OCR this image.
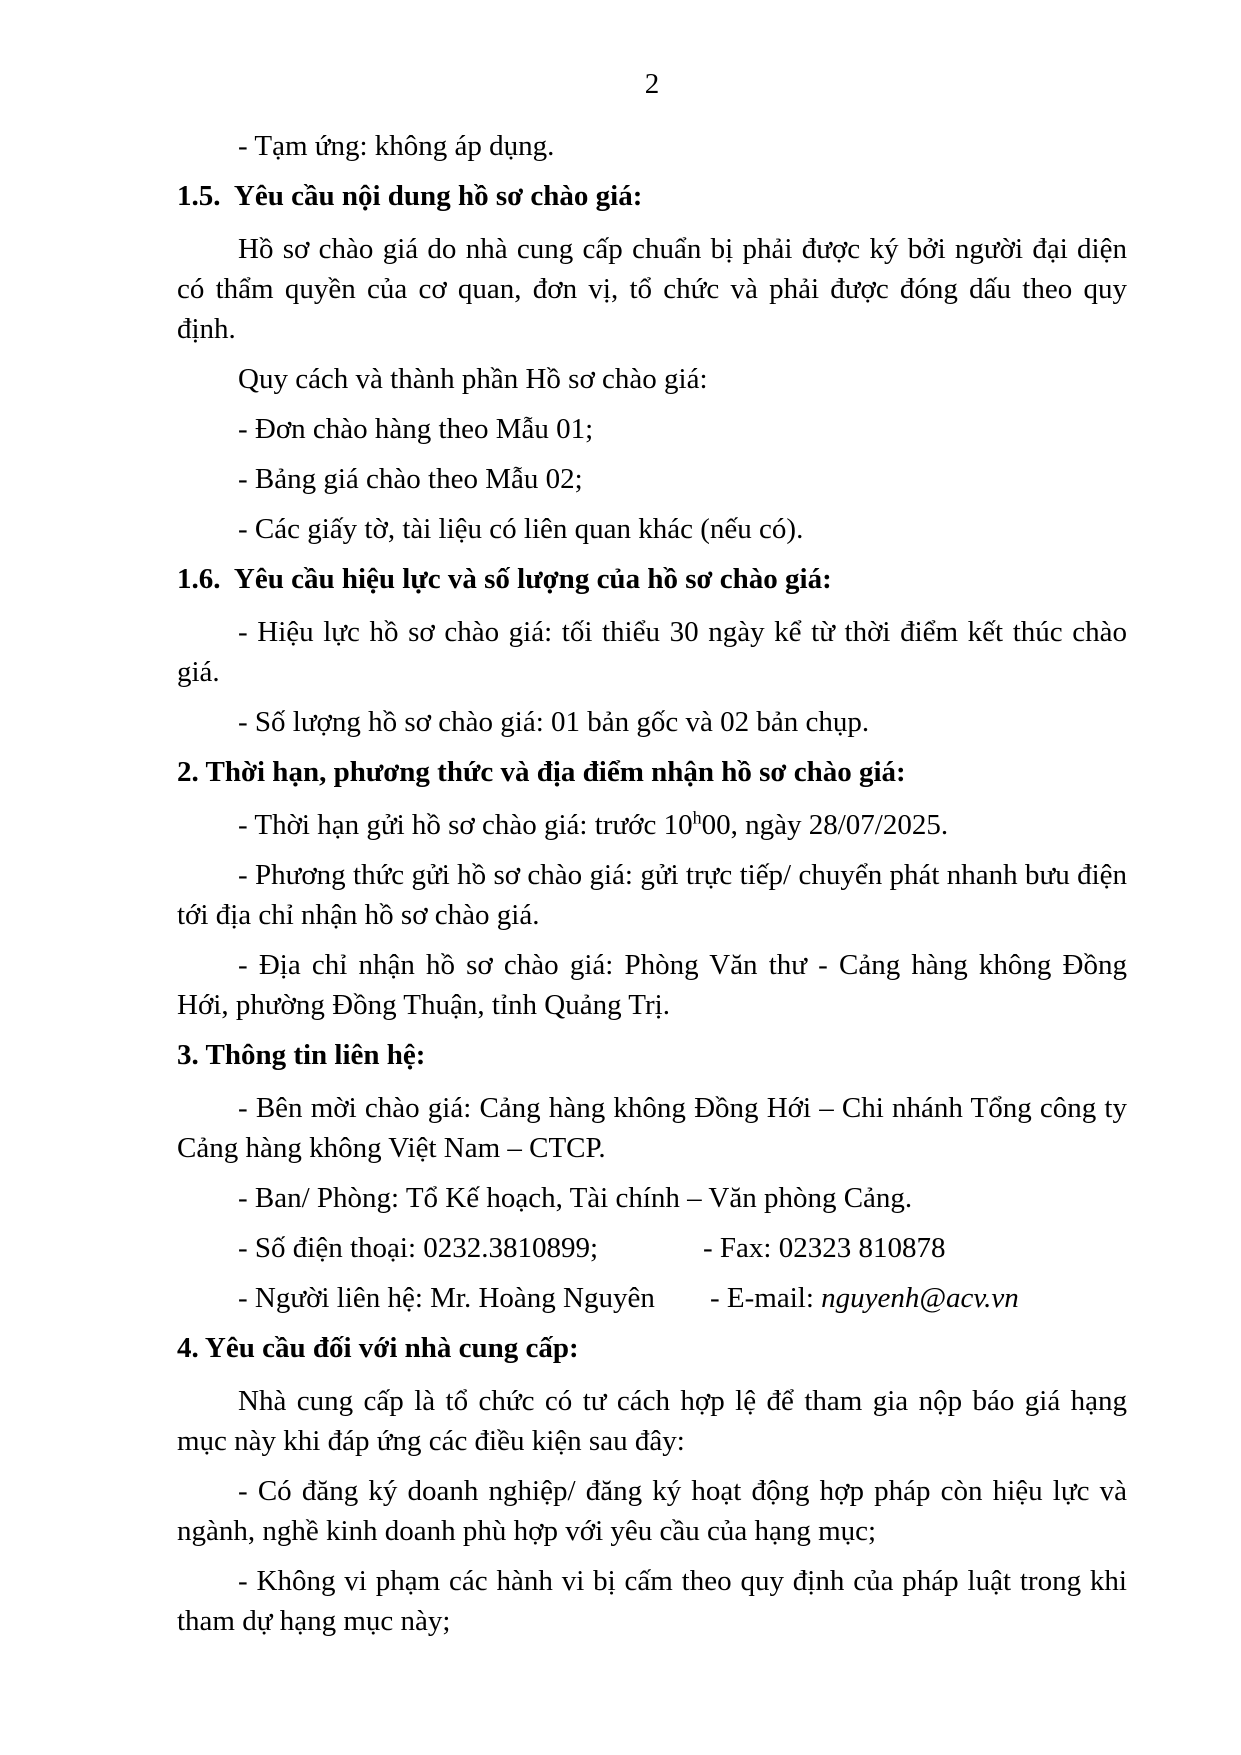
2

- Tạm ứng: không áp dụng.

1.5.  Yêu cầu nội dung hồ sơ chào giá:

Hồ sơ chào giá do nhà cung cấp chuẩn bị phải được ký bởi người đại diện có thẩm quyền của cơ quan, đơn vị, tổ chức và phải được đóng dấu theo quy định.

Quy cách và thành phần Hồ sơ chào giá:

- Đơn chào hàng theo Mẫu 01;

- Bảng giá chào theo Mẫu 02;

- Các giấy tờ, tài liệu có liên quan khác (nếu có).

1.6.  Yêu cầu hiệu lực và số lượng của hồ sơ chào giá:

- Hiệu lực hồ sơ chào giá: tối thiểu 30 ngày kể từ thời điểm kết thúc chào giá.

- Số lượng hồ sơ chào giá: 01 bản gốc và 02 bản chụp.

2. Thời hạn, phương thức và địa điểm nhận hồ sơ chào giá:

- Thời hạn gửi hồ sơ chào giá: trước 10$^h$00, ngày 28/07/2025.

- Phương thức gửi hồ sơ chào giá: gửi trực tiếp/ chuyển phát nhanh bưu điện tới địa chỉ nhận hồ sơ chào giá.

- Địa chỉ nhận hồ sơ chào giá: Phòng Văn thư - Cảng hàng không Đồng Hới, phường Đồng Thuận, tỉnh Quảng Trị.

3. Thông tin liên hệ:

- Bên mời chào giá: Cảng hàng không Đồng Hới – Chi nhánh Tổng công ty Cảng hàng không Việt Nam – CTCP.

- Ban/ Phòng: Tổ Kế hoạch, Tài chính – Văn phòng Cảng.

- Số điện thoại: 0232.3810899;	- Fax: 02323 810878

- Người liên hệ: Mr. Hoàng Nguyên - E-mail: nguyenh@acv.vn

4. Yêu cầu đối với nhà cung cấp:

Nhà cung cấp là tổ chức có tư cách hợp lệ để tham gia nộp báo giá hạng mục này khi đáp ứng các điều kiện sau đây:

- Có đăng ký doanh nghiệp/ đăng ký hoạt động hợp pháp còn hiệu lực và ngành, nghề kinh doanh phù hợp với yêu cầu của hạng mục;

- Không vi phạm các hành vi bị cấm theo quy định của pháp luật trong khi tham dự hạng mục này;
